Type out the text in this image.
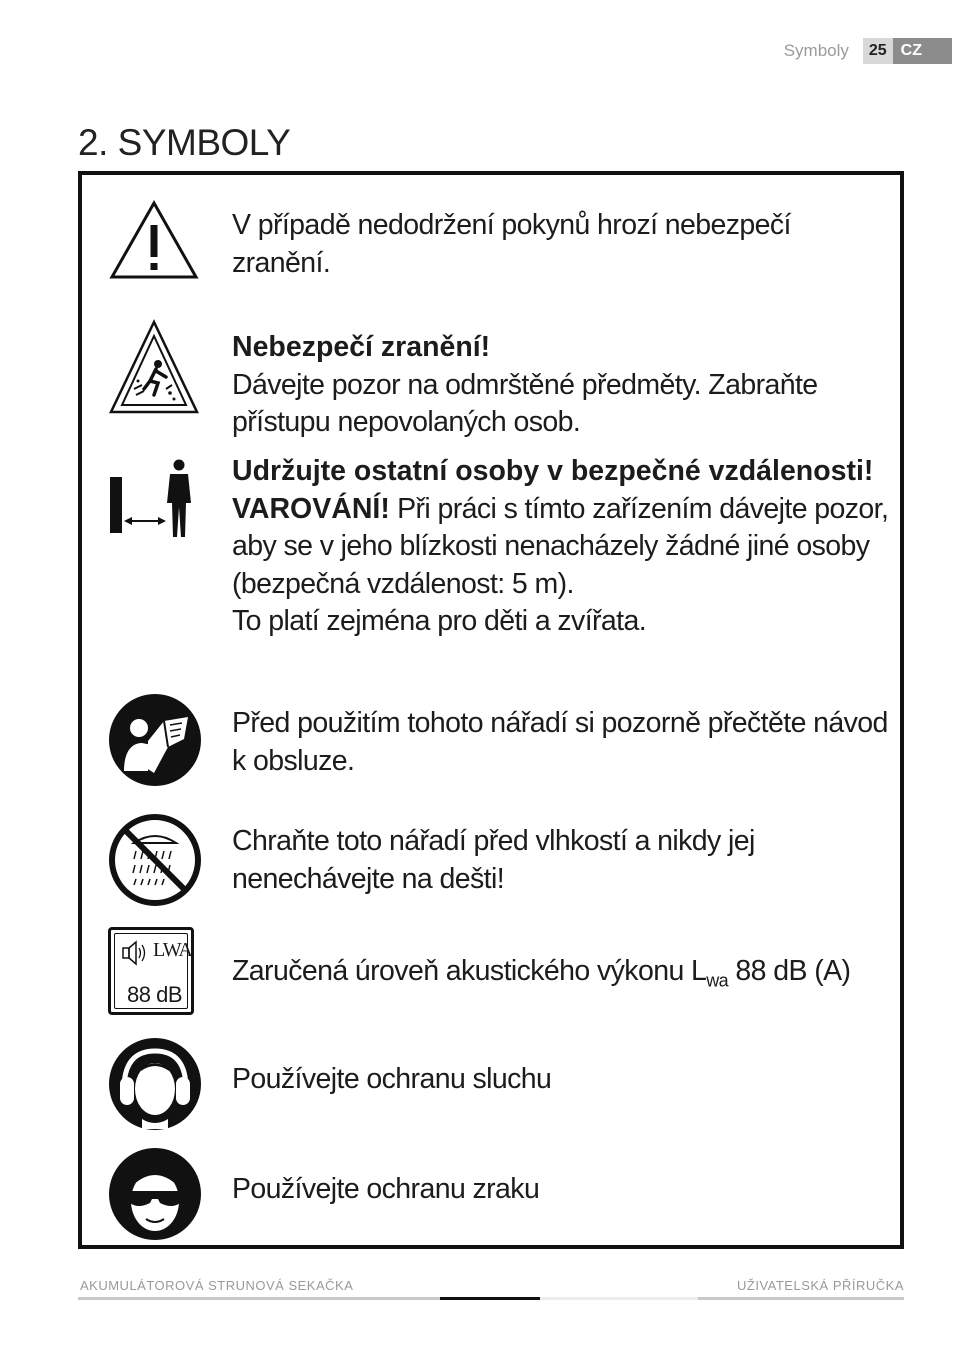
Symboly	25 CZ
2. SYMBOLY
V případě nedodržení pokynů hrozí nebezpečí zranění.
Nebezpečí zranění!
Dávejte pozor na odmrštěné předměty. Zabraňte přístupu nepovolaných osob.
Udržujte ostatní osoby v bezpečné vzdálenosti!
VAROVÁNÍ! Při práci s tímto zařízením dávejte pozor, aby se v jeho blízkosti nenacházely žádné jiné osoby (bezpečná vzdálenost: 5 m).
To platí zejména pro děti a zvířata.
Před použitím tohoto nářadí si pozorně přečtěte návod k obsluze.
Chraňte toto nářadí před vlhkostí a nikdy jej nenechávejte na dešti!
LWA
88 dB
Zaručená úroveň akustického výkonu $L_{wa}$ 88 dB (A)
Používejte ochranu sluchu
Používejte ochranu zraku
AKUMULÁTOROVÁ STRUNOVÁ SEKAČKA	UŽIVATELSKÁ PŘÍRUČKA
